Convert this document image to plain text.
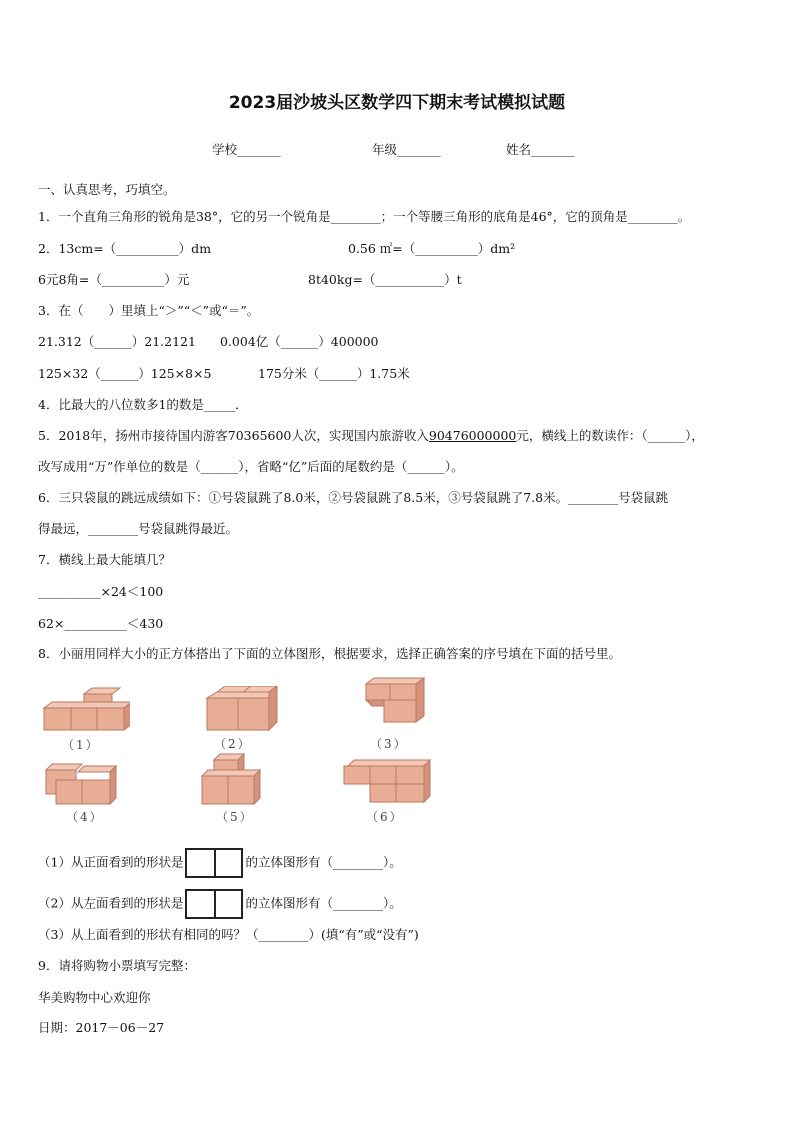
2023届沙坡头区数学四下期末考试模拟试题
学校_______	年级_______	姓名_______
一、认真思考，巧填空。
1．一个直角三角形的锐角是38°，它的另一个锐角是________；一个等腰三角形的底角是46°，它的顶角是________。
2．13cm=（__________）dm	0.56 ㎡=（__________）dm²
6元8角=（__________）元	8t40kg=（___________）t
3．在（　　）里填上“＞”“＜”或“＝”。
21.312（______）21.2121 0.004亿（______）400000
125×32（______）125×8×5	175分米（______）1.75米
4．比最大的八位数多1的数是_____．
5．2018年，扬州市接待国内游客70365600人次，实现国内旅游收入90476000000元，横线上的数读作：（______），
改写成用“万”作单位的数是（______），省略“亿”后面的尾数约是（______）。
6．三只袋鼠的跳远成绩如下：①号袋鼠跳了8.0米，②号袋鼠跳了8.5米，③号袋鼠跳了7.8米。________号袋鼠跳
得最远，________号袋鼠跳得最近。
7．横线上最大能填几？
__________×24＜100
62×__________＜430
8．小丽用同样大小的正方体搭出了下面的立体图形，根据要求，选择正确答案的序号填在下面的括号里。
（1）	（2）	（3）
（4）	（5）	（6）
（1）从正面看到的形状是	的立体图形有（________）。
（2）从左面看到的形状是	的立体图形有（________）。
（3）从上面看到的形状有相同的吗？（________）(填“有”或“没有”)
9．请将购物小票填写完整：
华美购物中心欢迎你
日期：2017－06－27
